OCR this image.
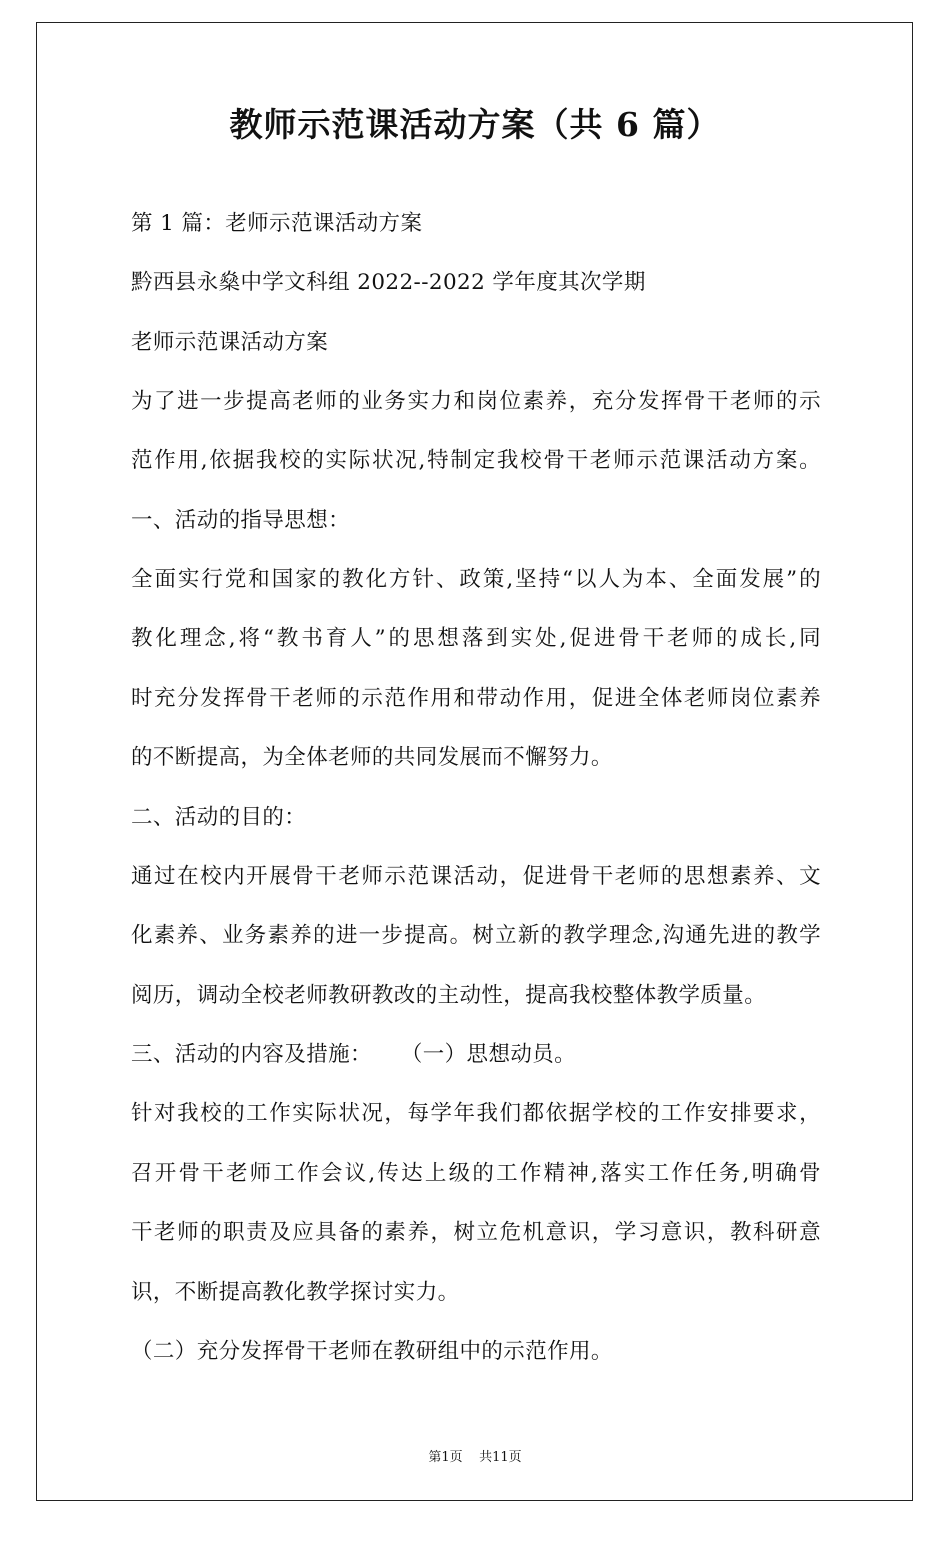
教师示范课活动方案（共 6 篇）
第 1 篇：老师示范课活动方案
黔西县永燊中学文科组 2022--2022 学年度其次学期
老师示范课活动方案
为了进一步提高老师的业务实力和岗位素养，充分发挥骨干老师的示
范作用,依据我校的实际状况,特制定我校骨干老师示范课活动方案。
一、活动的指导思想：
全面实行党和国家的教化方针、政策,坚持“以人为本、全面发展”的
教化理念,将“教书育人”的思想落到实处,促进骨干老师的成长,同
时充分发挥骨干老师的示范作用和带动作用，促进全体老师岗位素养
的不断提高，为全体老师的共同发展而不懈努力。
二、活动的目的：
通过在校内开展骨干老师示范课活动，促进骨干老师的思想素养、文
化素养、业务素养的进一步提高。树立新的教学理念,沟通先进的教学
阅历，调动全校老师教研教改的主动性，提高我校整体教学质量。
三、活动的内容及措施：    （一）思想动员。
针对我校的工作实际状况，每学年我们都依据学校的工作安排要求，
召开骨干老师工作会议,传达上级的工作精神,落实工作任务,明确骨
干老师的职责及应具备的素养，树立危机意识，学习意识，教科研意
识，不断提高教化教学探讨实力。
（二）充分发挥骨干老师在教研组中的示范作用。
第1页    共11页
